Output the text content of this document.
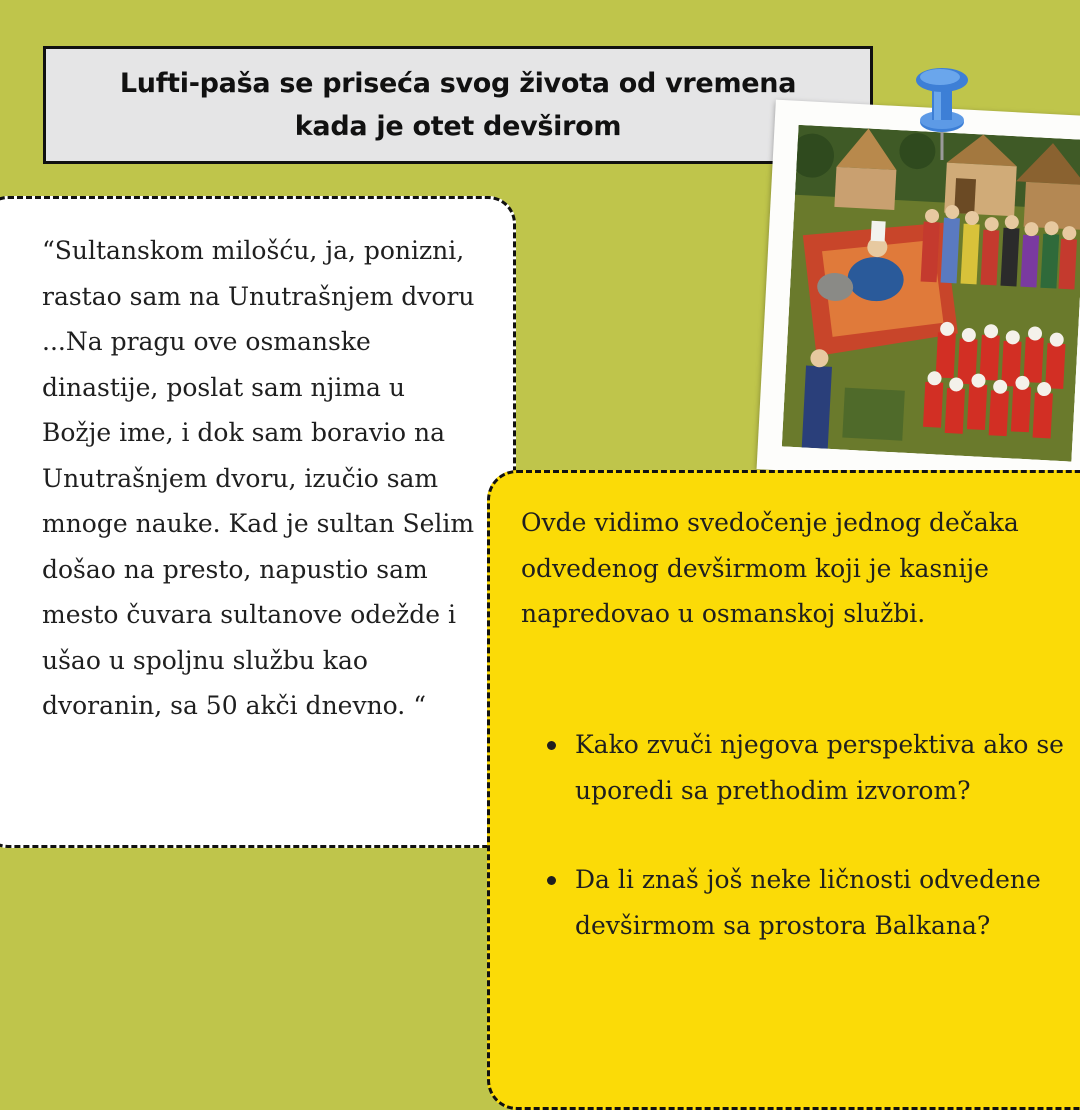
Lufti-paša se priseća svog života od vremena
kada je otet devširom

“Sultanskom milošću, ja, ponizni, rastao sam na Unutrašnjem dvoru ...Na pragu ove osmanske dinastije, poslat sam njima u Božje ime, i dok sam boravio na Unutrašnjem dvoru, izučio sam mnoge nauke. Kad je sultan Selim došao na presto, napustio sam mesto čuvara sultanove odežde i ušao u spoljnu službu kao dvoranin, sa 50 akči dnevno. “

Ovde vidimo svedočenje jednog dečaka odvedenog devširmom koji je kasnije napredovao u osmanskoj službi.

Kako zvuči njegova perspektiva ako se uporedi sa prethodim izvorom?
Da li znaš još neke ličnosti odvedene devširmom sa prostora Balkana?
